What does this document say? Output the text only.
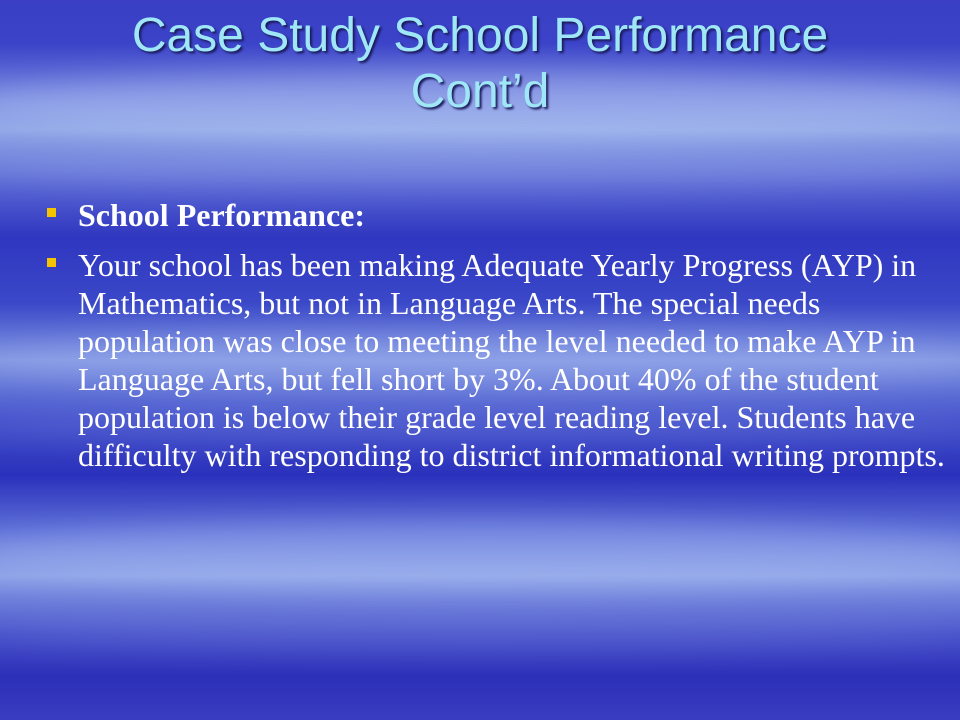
Case Study School Performance
Cont’d
School Performance:
Your school has been making Adequate Yearly Progress (AYP) in Mathematics, but not in Language Arts. The special needs population was close to meeting the level needed to make AYP in Language Arts, but fell short by 3%. About 40% of the student population is below their grade level reading level. Students have difficulty with responding to district informational writing prompts.
